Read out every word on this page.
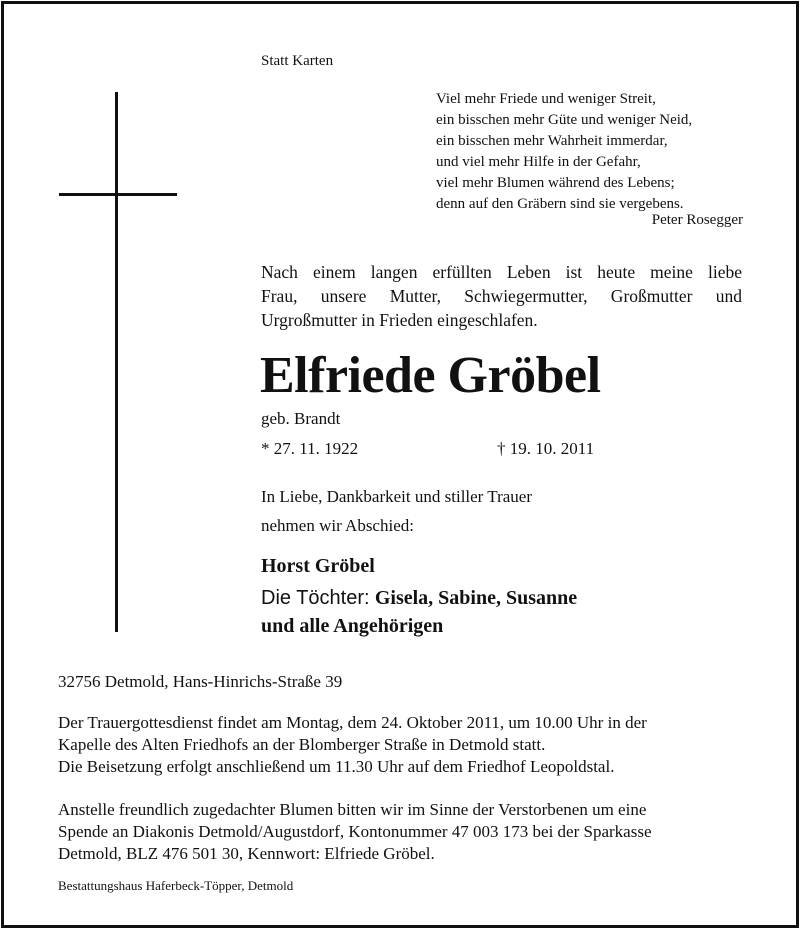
Statt Karten
Viel mehr Friede und weniger Streit,
ein bisschen mehr Güte und weniger Neid,
ein bisschen mehr Wahrheit immerdar,
und viel mehr Hilfe in der Gefahr,
viel mehr Blumen während des Lebens;
denn auf den Gräbern sind sie vergebens.
Peter Rosegger
Nach einem langen erfüllten Leben ist heute meine liebe
Frau, unsere Mutter, Schwiegermutter, Großmutter und
Urgroßmutter in Frieden eingeschlafen.
Elfriede Gröbel
geb. Brandt
* 27. 11. 1922	† 19. 10. 2011
In Liebe, Dankbarkeit und stiller Trauer
nehmen wir Abschied:
Horst Gröbel
Die Töchter: Gisela, Sabine, Susanne
und alle Angehörigen
32756 Detmold, Hans-Hinrichs-Straße 39
Der Trauergottesdienst findet am Montag, dem 24. Oktober 2011, um 10.00 Uhr in der
Kapelle des Alten Friedhofs an der Blomberger Straße in Detmold statt.
Die Beisetzung erfolgt anschließend um 11.30 Uhr auf dem Friedhof Leopoldstal.
Anstelle freundlich zugedachter Blumen bitten wir im Sinne der Verstorbenen um eine
Spende an Diakonis Detmold/Augustdorf, Kontonummer 47 003 173 bei der Sparkasse
Detmold, BLZ 476 501 30, Kennwort: Elfriede Gröbel.
Bestattungshaus Haferbeck-Töpper, Detmold
